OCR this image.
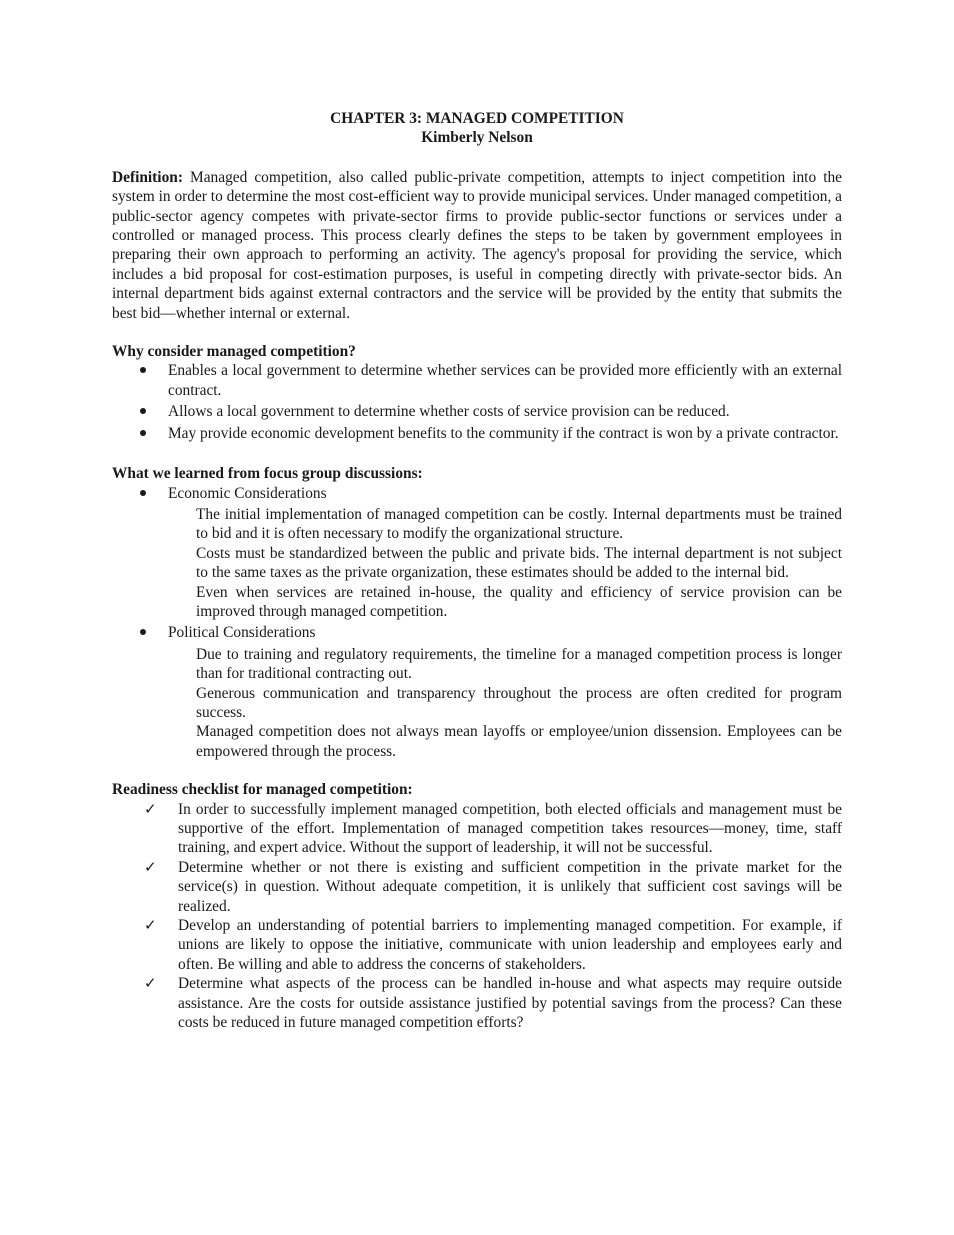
CHAPTER 3: MANAGED COMPETITION
Kimberly Nelson

Definition: Managed competition, also called public-private competition, attempts to inject competition into the system in order to determine the most cost-efficient way to provide municipal services. Under managed competition, a public-sector agency competes with private-sector firms to provide public-sector functions or services under a controlled or managed process. This process clearly defines the steps to be taken by government employees in preparing their own approach to performing an activity. The agency's proposal for providing the service, which includes a bid proposal for cost-estimation purposes, is useful in competing directly with private-sector bids. An internal department bids against external contractors and the service will be provided by the entity that submits the best bid—whether internal or external.

Why consider managed competition?
Enables a local government to determine whether services can be provided more efficiently with an external contract.
Allows a local government to determine whether costs of service provision can be reduced.
May provide economic development benefits to the community if the contract is won by a private contractor.
What we learned from focus group discussions:
Economic Considerations

The initial implementation of managed competition can be costly. Internal departments must be trained to bid and it is often necessary to modify the organizational structure.

Costs must be standardized between the public and private bids. The internal department is not subject to the same taxes as the private organization, these estimates should be added to the internal bid.

Even when services are retained in-house, the quality and efficiency of service provision can be improved through managed competition.

Political Considerations

Due to training and regulatory requirements, the timeline for a managed competition process is longer than for traditional contracting out.

Generous communication and transparency throughout the process are often credited for program success.

Managed competition does not always mean layoffs or employee/union dissension. Employees can be empowered through the process.

Readiness checklist for managed competition:
✓ In order to successfully implement managed competition, both elected officials and management must be supportive of the effort. Implementation of managed competition takes resources—money, time, staff training, and expert advice. Without the support of leadership, it will not be successful.
✓ Determine whether or not there is existing and sufficient competition in the private market for the service(s) in question. Without adequate competition, it is unlikely that sufficient cost savings will be realized.
✓ Develop an understanding of potential barriers to implementing managed competition. For example, if unions are likely to oppose the initiative, communicate with union leadership and employees early and often. Be willing and able to address the concerns of stakeholders.
✓ Determine what aspects of the process can be handled in-house and what aspects may require outside assistance. Are the costs for outside assistance justified by potential savings from the process? Can these costs be reduced in future managed competition efforts?
